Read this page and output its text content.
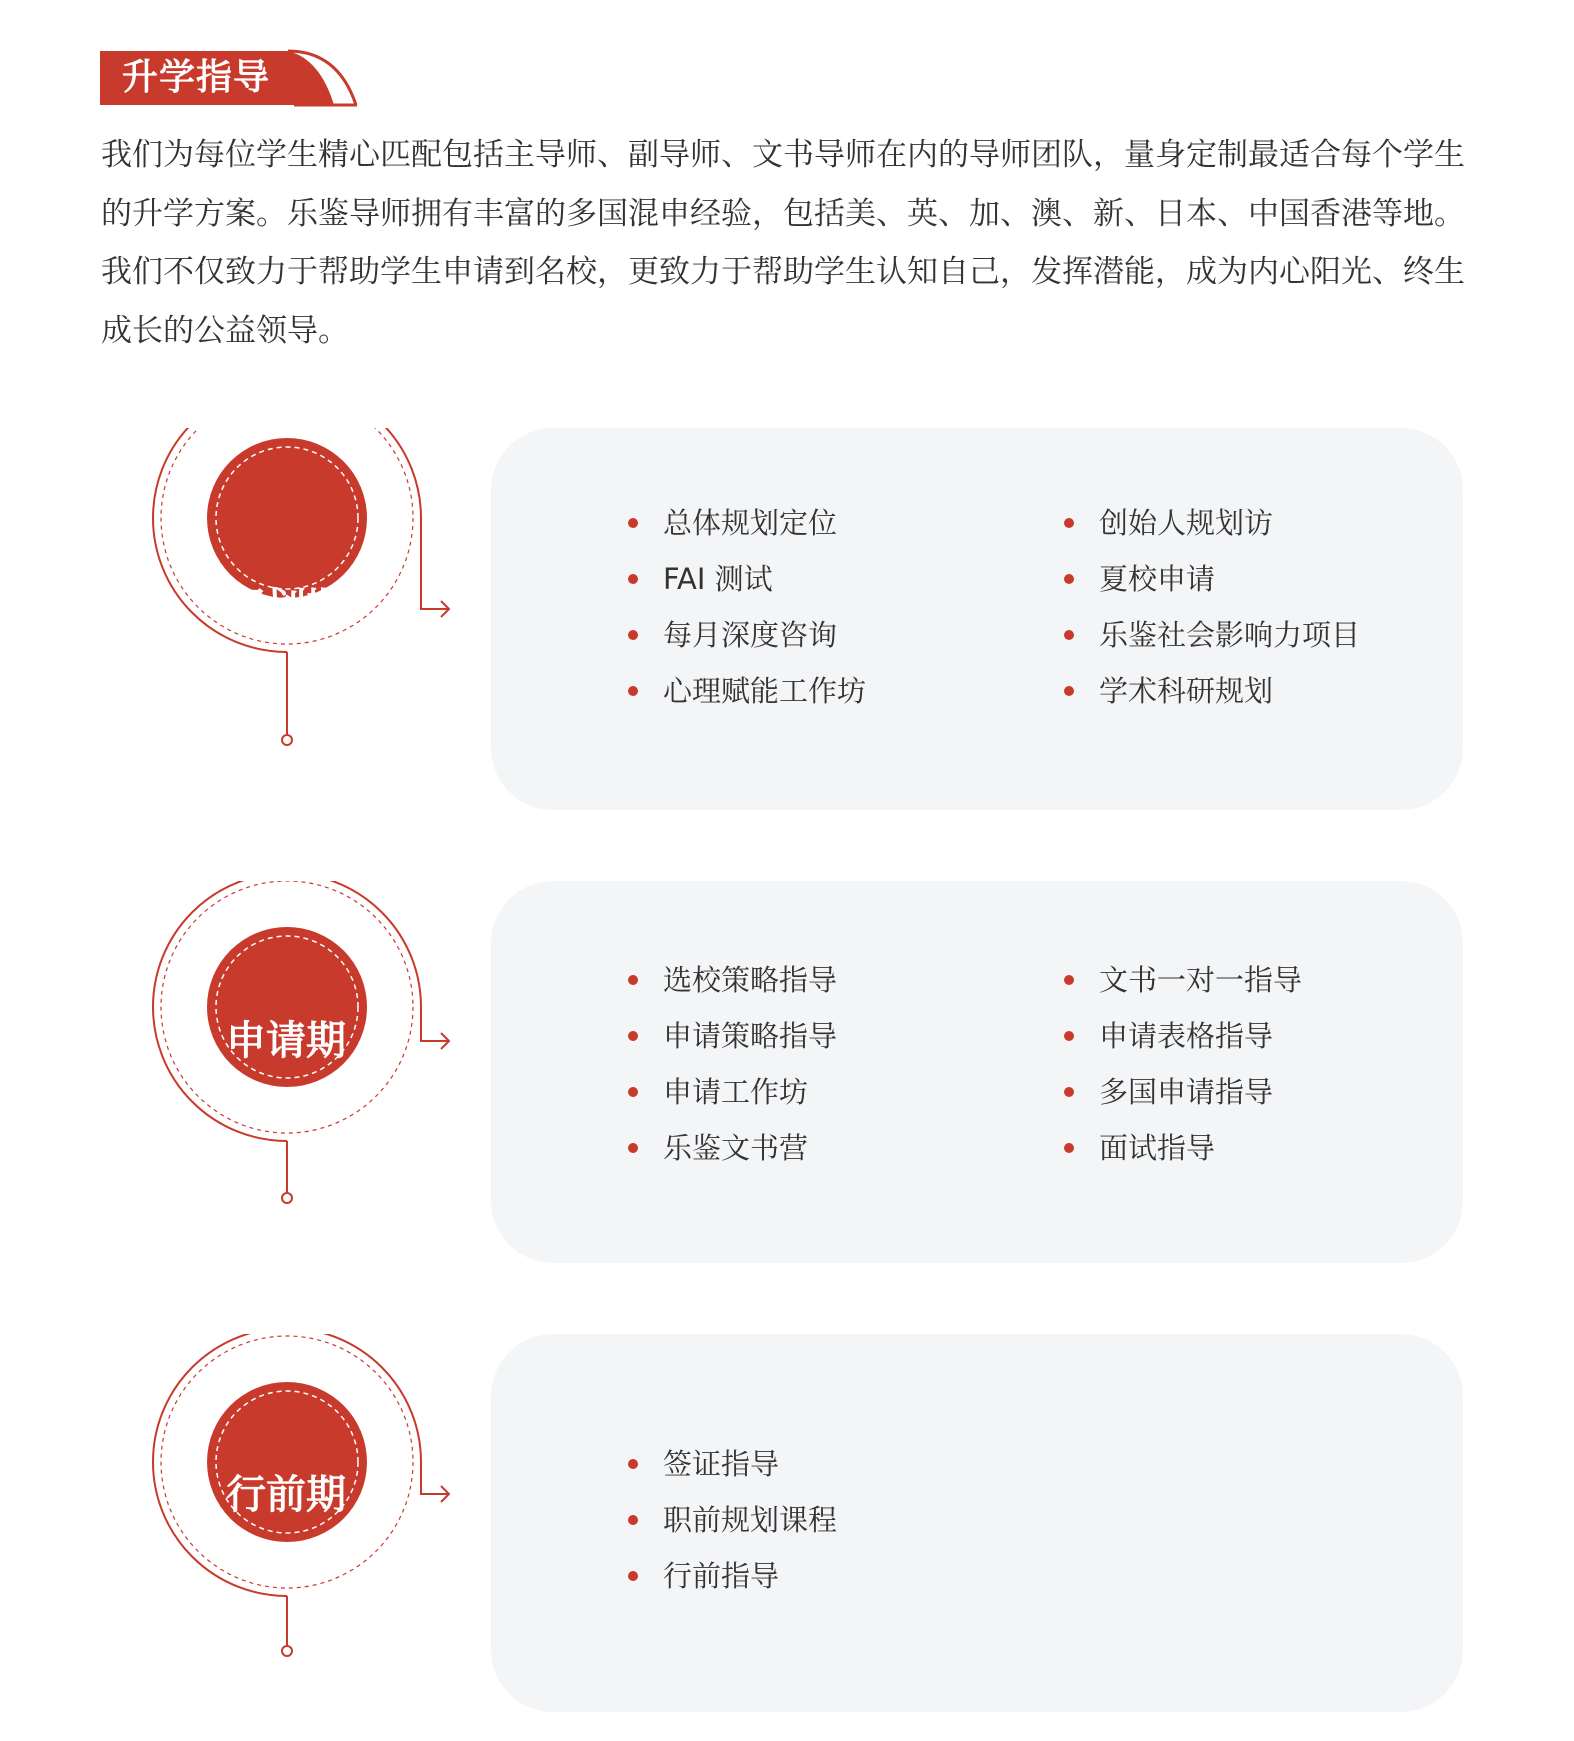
升学指导

我们为每位学生精心匹配包括主导师、副导师、文书导师在内的导师团队，量身定制最适合每个学生的升学方案。乐鉴导师拥有丰富的多国混申经验，包括美、英、加、澳、新、日本、中国香港等地。我们不仅致力于帮助学生申请到名校，更致力于帮助学生认知自己，发挥潜能，成为内心阳光、终生成长的公益领导。

规划期
总体规划定位
FAI 测试
每月深度咨询
心理赋能工作坊
创始人规划访
夏校申请
乐鉴社会影响力项目
学术科研规划
申请期
选校策略指导
申请策略指导
申请工作坊
乐鉴文书营
文书一对一指导
申请表格指导
多国申请指导
面试指导
行前期
签证指导
职前规划课程
行前指导
